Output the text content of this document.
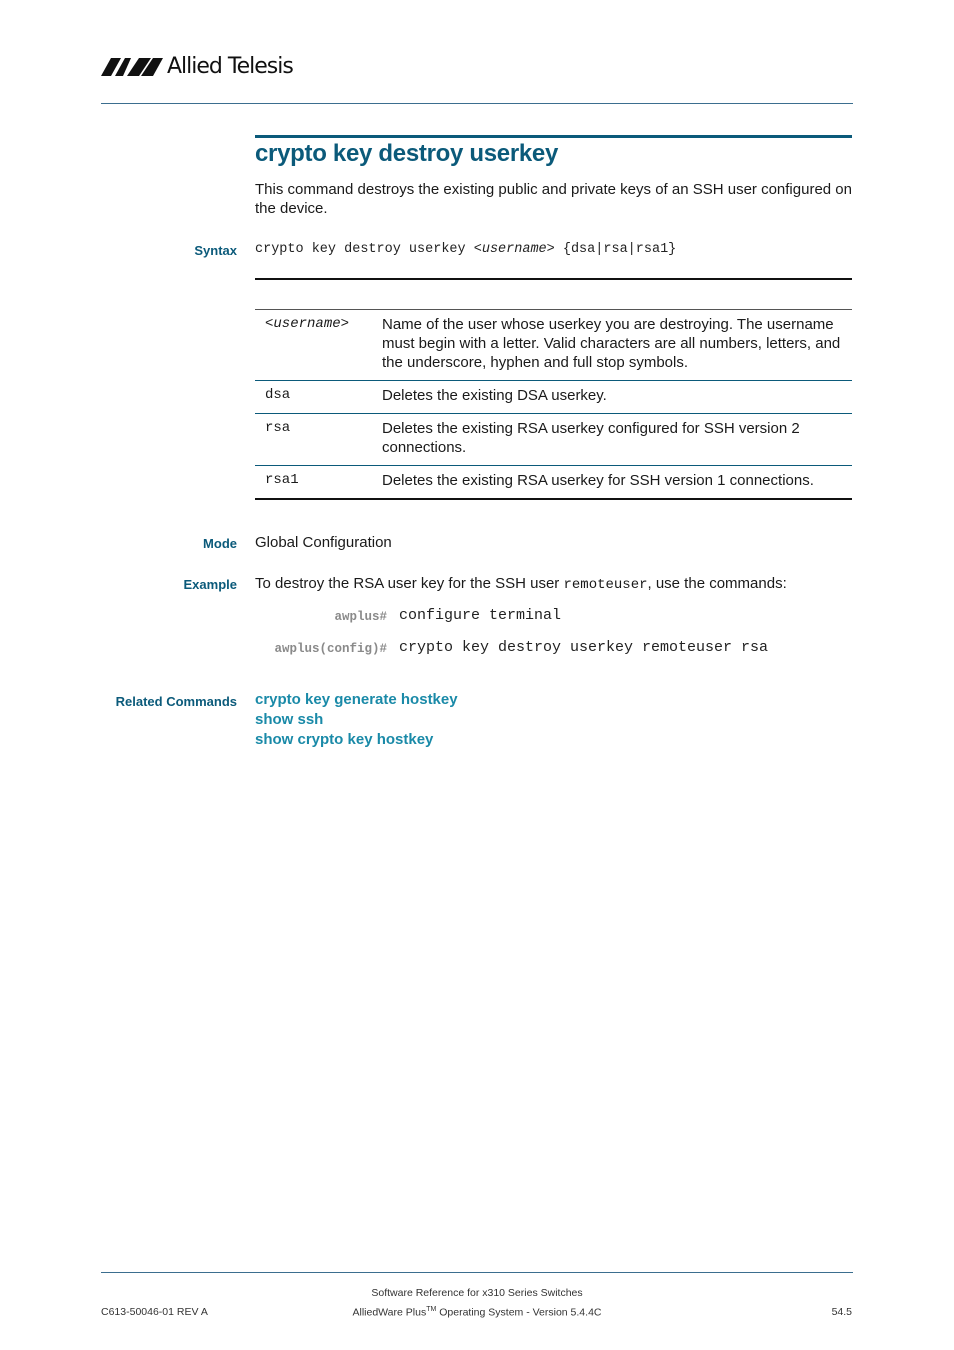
Allied Telesis
crypto key destroy userkey
This command destroys the existing public and private keys of an SSH user configured on the device.
Syntax crypto key destroy userkey <username> {dsa|rsa|rsa1}
<username>	Name of the user whose userkey you are destroying. The username must begin with a letter. Valid characters are all numbers, letters, and the underscore, hyphen and full stop symbols.
dsa	Deletes the existing DSA userkey.
rsa	Deletes the existing RSA userkey configured for SSH version 2 connections.
rsa1	Deletes the existing RSA userkey for SSH version 1 connections.
Mode Global Configuration
Example To destroy the RSA user key for the SSH user remoteuser, use the commands:
awplus# configure terminal
awplus(config)# crypto key destroy userkey remoteuser rsa
Related Commands crypto key generate hostkey
show ssh
show crypto key hostkey
Software Reference for x310 Series Switches
C613-50046-01 REV A	AlliedWare Plus™ Operating System - Version 5.4.4C	54.5
